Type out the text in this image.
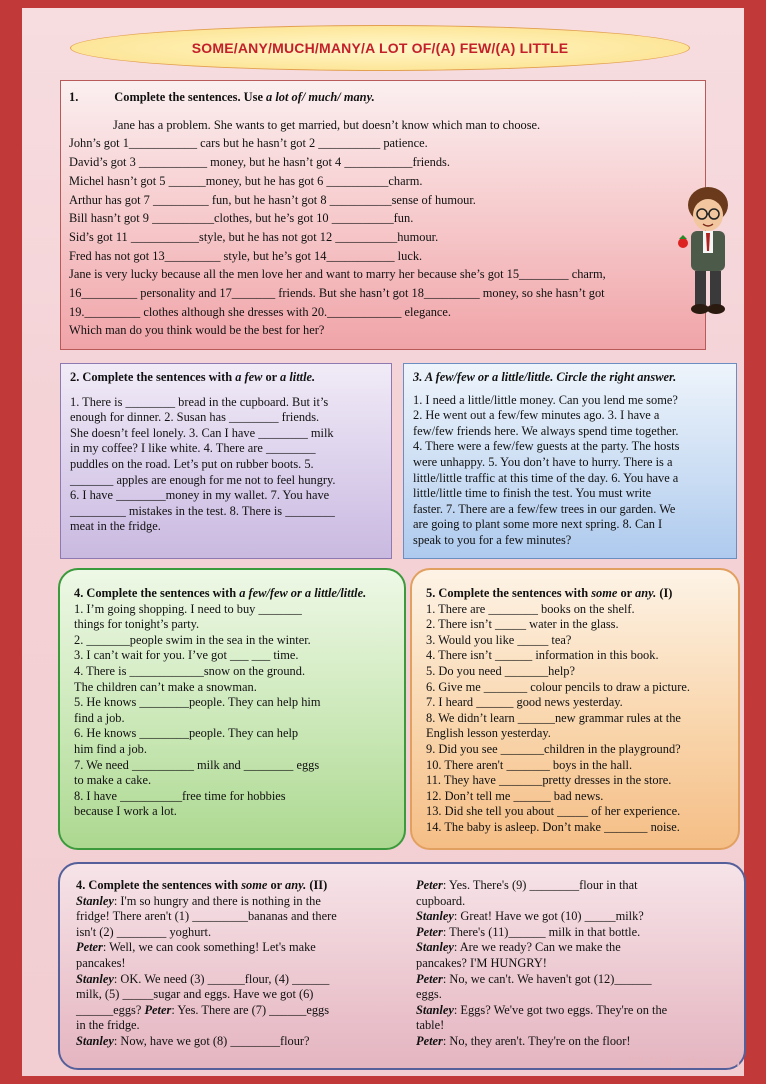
SOME/ANY/MUCH/MANY/A LOT OF/(A) FEW/(A) LITTLE

1.	Complete the sentences. Use a lot of/ much/ many.

Jane has a problem. She wants to get married, but doesn’t know which man to choose.

John’s got 1___________ cars but he hasn’t got 2 __________ patience.

David’s got 3 ___________ money, but he hasn’t got 4 ___________friends.

Michel hasn’t got 5 ______money, but he has got 6 __________charm.

Arthur has got 7 _________ fun, but he hasn’t got 8 __________sense of humour.

Bill hasn’t got 9 __________clothes, but he’s got 10 __________fun.

Sid’s got 11 ___________style, but he has not got 12 __________humour.

Fred has not got 13_________ style, but he’s got 14___________ luck.

Jane is very lucky because all the men love her and want to marry her because she’s got 15________ charm,

16_________ personality and 17_______ friends. But she hasn’t got 18_________ money, so she hasn’t got

19._________ clothes although she dresses with 20.____________ elegance.

Which man do you think would be the best for her?

2. Complete the sentences with a few or a little.

1. There is ________ bread in the cupboard. But it’s

enough for dinner. 2. Susan has ________ friends.

She doesn’t feel lonely. 3. Can I have ________ milk

in my coffee? I like white. 4. There are ________

puddles on the road. Let’s put on rubber boots. 5.

_______ apples are enough for me not to feel hungry.

6. I have ________money in my wallet. 7. You have

_________ mistakes in the test. 8. There is ________

meat in the fridge.

3. A few/few or a little/little. Circle the right answer.

1. I need a little/little money. Can you lend me some?

2. He went out a few/few minutes ago. 3. I have a

few/few friends here. We always spend time together.

4. There were a few/few guests at the party. The hosts

were unhappy. 5. You don’t have to hurry. There is a

little/little traffic at this time of the day. 6. You have a

little/little time to finish the test. You must write

faster. 7. There are a few/few trees in our garden. We

are going to plant some more next spring. 8. Can I

speak to you for a few minutes?

4. Complete the sentences with a few/few or a little/little.

1. I’m going shopping. I need to buy _______

things for tonight’s party.

2. _______people swim in the sea in the winter.

3. I can’t wait for you. I’ve got ___ ___ time.

4. There is ____________snow on the ground.

The children can’t make a snowman.

5. He knows ________people. They can help him

find a job.

6. He knows ________people. They can help

him find a job.

7. We need __________ milk and ________ eggs

to make a cake.

8. I have __________free time for hobbies

because I work a lot.

5. Complete the sentences with some or any. (I)

1. There are ________ books on the shelf.

2. There isn’t _____ water in the glass.

3. Would you like _____ tea?

4. There isn’t ______ information in this book.

5. Do you need _______help?

6. Give me _______ colour pencils to draw a picture.

7. I heard ______ good news yesterday.

8. We didn’t learn ______new grammar rules at the

English lesson yesterday.

9. Did you see _______children in the playground?

10. There aren't _______ boys in the hall.

11. They have _______pretty dresses in the store.

12. Don’t tell me ______ bad news.

13. Did she tell you about _____ of her experience.

14. The baby is asleep. Don’t make _______ noise.

4. Complete the sentences with some or any. (II)

Stanley: I'm so hungry and there is nothing in the

fridge! There aren't (1) _________bananas and there

isn't (2) ________ yoghurt.

Peter: Well, we can cook something! Let's make

pancakes!

Stanley: OK. We need (3) ______flour, (4) ______

milk, (5) _____sugar and eggs. Have we got (6)

______eggs? Peter: Yes. There are (7) ______eggs

in the fridge.

Stanley: Now, have we got (8) ________flour?

Peter: Yes. There's (9) ________flour in that

cupboard.

Stanley: Great! Have we got (10) _____milk?

Peter: There's (11)______ milk in that bottle.

Stanley: Are we ready? Can we make the

pancakes? I'M HUNGRY!

Peter: No, we can't. We haven't got (12)______

eggs.

Stanley: Eggs? We've got two eggs. They're on the

table!

Peter: No, they aren't. They're on the floor!

iSLCollective.com
